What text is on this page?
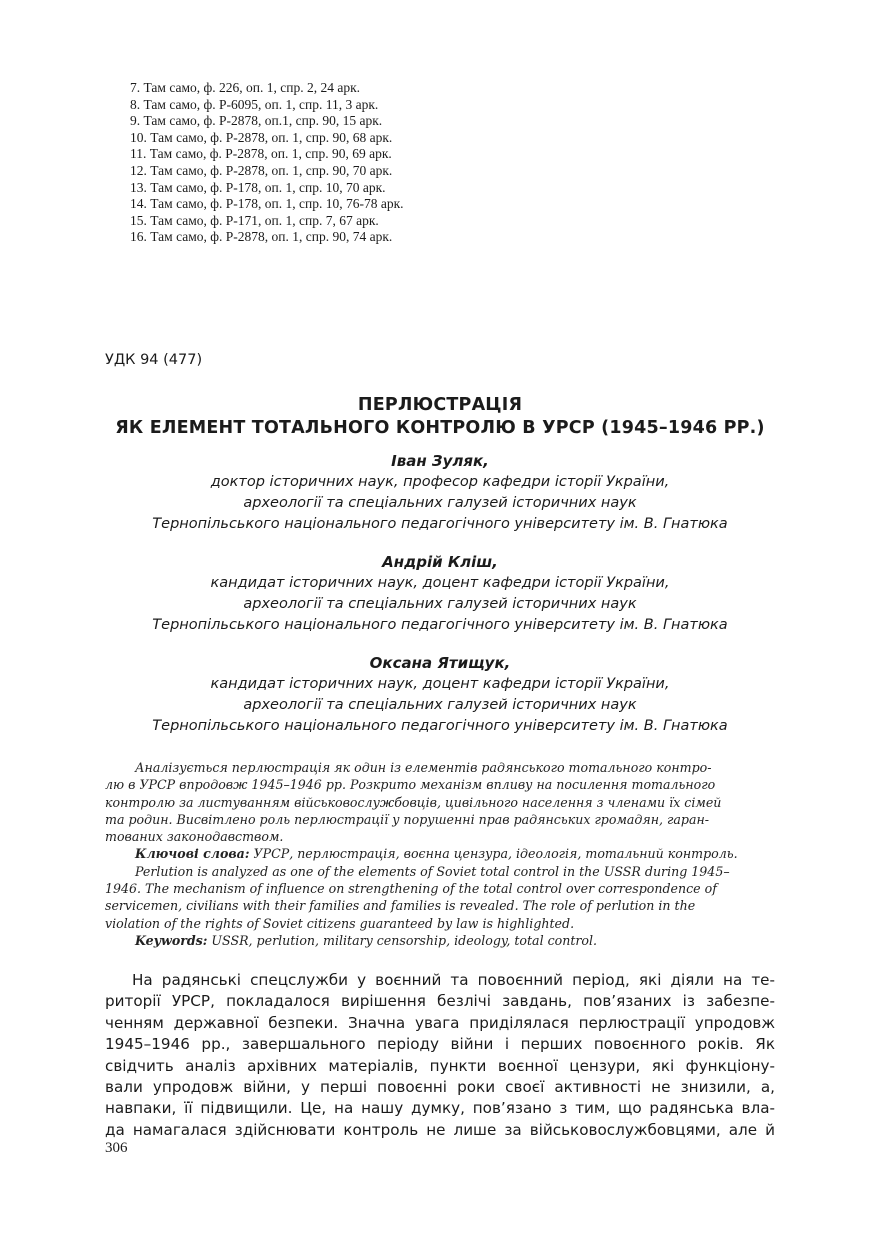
7. Там само, ф. 226, оп. 1, спр. 2, 24 арк.
8. Там само, ф. Р-6095, оп. 1, спр. 11, 3 арк.
9. Там само, ф. Р-2878, оп.1, спр. 90, 15 арк.
10. Там само, ф. Р-2878, оп. 1, спр. 90, 68 арк.
11. Там само, ф. Р-2878, оп. 1, спр. 90, 69 арк.
12. Там само, ф. Р-2878, оп. 1, спр. 90, 70 арк.
13. Там само, ф. Р-178, оп. 1, спр. 10, 70 арк.
14. Там само, ф. Р-178, оп. 1, спр. 10, 76-78 арк.
15. Там само, ф. Р-171, оп. 1, спр. 7, 67 арк.
16. Там само, ф. Р-2878, оп. 1, спр. 90, 74 арк.
УДК 94 (477)
ПЕРЛЮСТРАЦІЯ
ЯК ЕЛЕМЕНТ ТОТАЛЬНОГО КОНТРОЛЮ В УРСР (1945–1946 РР.)
Іван Зуляк,
доктор історичних наук, професор кафедри історії України,
археології та спеціальних галузей історичних наук
Тернопільського національного педагогічного університету ім. В. Гнатюка
Андрій Кліш,
кандидат історичних наук, доцент кафедри історії України,
археології та спеціальних галузей історичних наук
Тернопільського національного педагогічного університету ім. В. Гнатюка
Оксана Ятищук,
кандидат історичних наук, доцент кафедри історії України,
археології та спеціальних галузей історичних наук
Тернопільського національного педагогічного університету ім. В. Гнатюка
Аналізується перлюстрація як один із елементів радянського тотального контро-
лю в УРСР впродовж 1945–1946 рр. Розкрито механізм впливу на посилення тотального
контролю за листуванням військовослужбовців, цивільного населення з членами їх сімей
та родин. Висвітлено роль перлюстрації у порушенні прав радянських громадян, гаран-
тованих законодавством.
Ключові слова: УРСР, перлюстрація, воєнна цензура, ідеологія, тотальний контроль.
Perlution is analyzed as one of the elements of Soviet total control in the USSR during 1945–
1946. The mechanism of influence on strengthening of the total control over correspondence of
servicemen, civilians with their families and families is revealed. The role of perlution in the
violation of the rights of Soviet citizens guaranteed by law is highlighted.
Keywords: USSR, perlution, military censorship, ideology, total control.
На радянські спецслужби у воєнний та повоєнний період, які діяли на те-
риторії УРСР, покладалося вирішення безлічі завдань, пов’язаних із забезпе-
ченням державної безпеки. Значна увага приділялася перлюстрації упродовж
1945–1946 рр., завершального періоду війни і перших повоєнного років. Як
свідчить аналіз архівних матеріалів, пункти воєнної цензури, які функціону-
вали упродовж війни, у перші повоєнні роки своєї активності не знизили, а,
навпаки, її підвищили. Це, на нашу думку, пов’язано з тим, що радянська вла-
да намагалася здійснювати контроль не лише за військовослужбовцями, але й
306
